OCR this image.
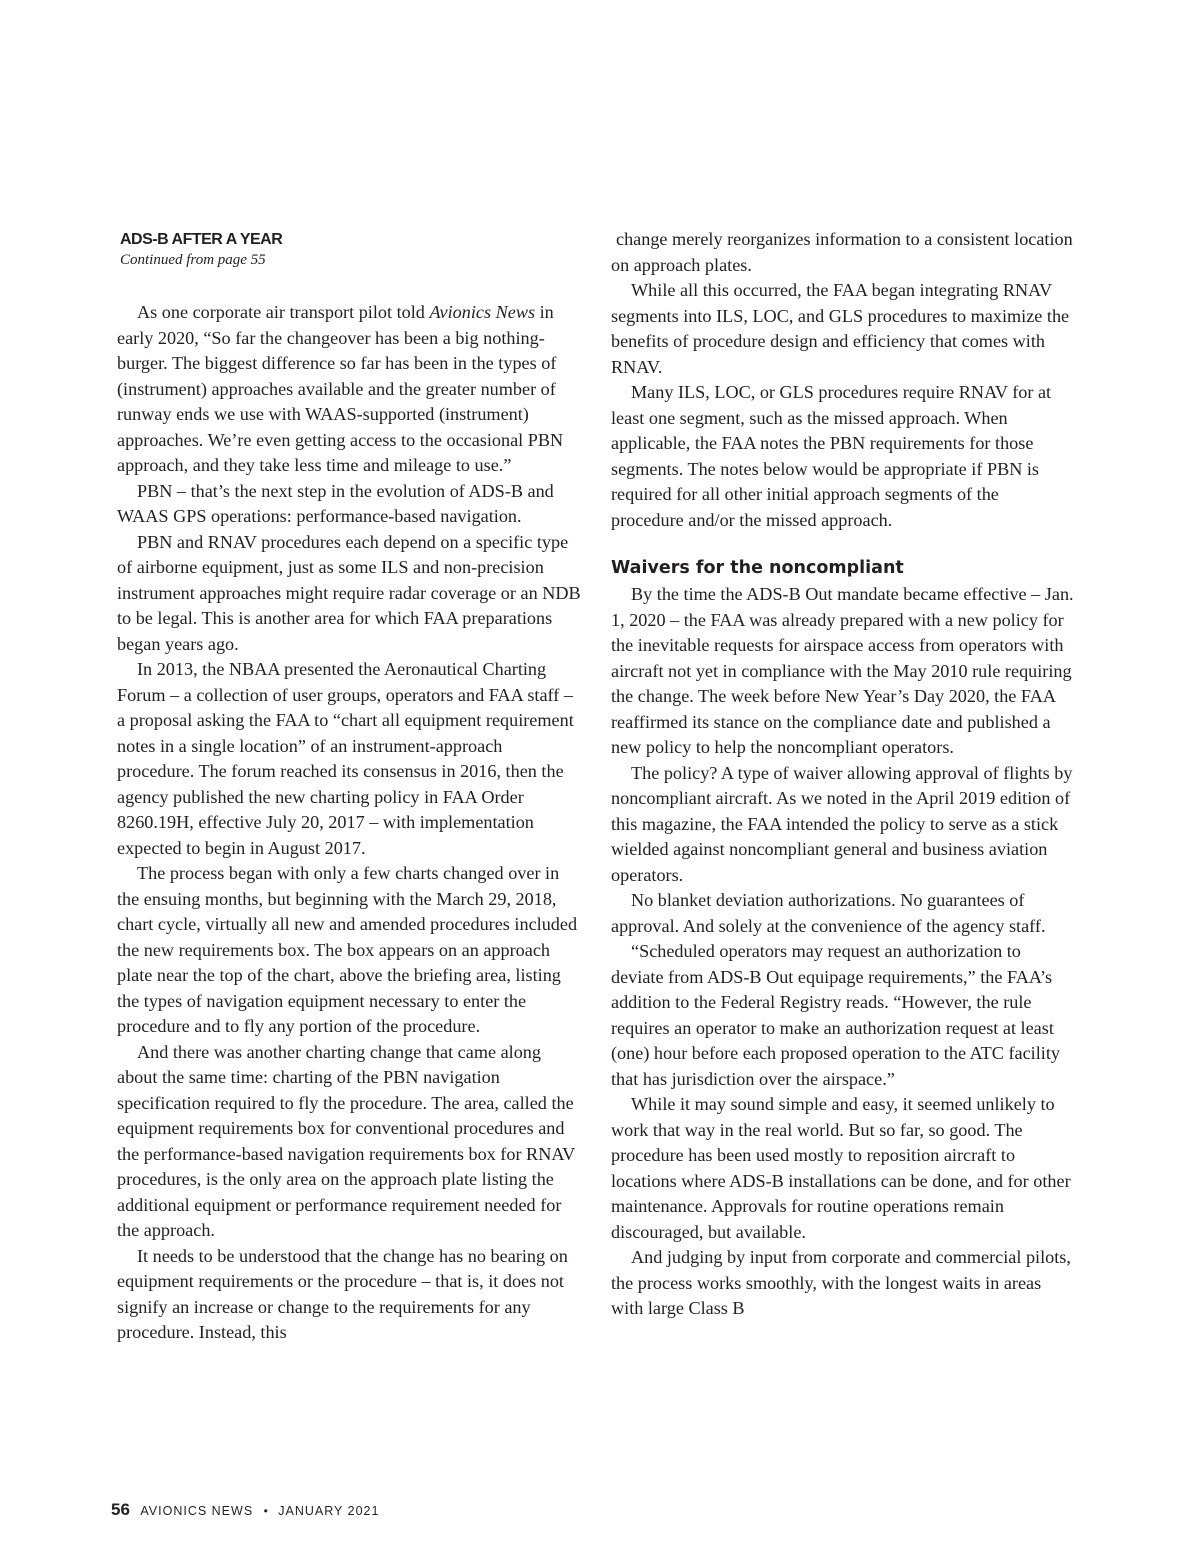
ADS-B AFTER A YEAR
Continued from page 55

As one corporate air transport pilot told Avionics News in early 2020, “So far the changeover has been a big nothing-burger. The biggest difference so far has been in the types of (instrument) approaches available and the greater number of runway ends we use with WAAS-supported (instrument) approaches. We’re even getting access to the occasional PBN approach, and they take less time and mileage to use.”

PBN – that’s the next step in the evolution of ADS-B and WAAS GPS operations: performance-based navigation.

PBN and RNAV procedures each depend on a specific type of airborne equipment, just as some ILS and non-precision instrument approaches might require radar coverage or an NDB to be legal. This is another area for which FAA preparations began years ago.

In 2013, the NBAA presented the Aeronautical Charting Forum – a collection of user groups, operators and FAA staff – a proposal asking the FAA to “chart all equipment requirement notes in a single location” of an instrument-approach procedure. The forum reached its consensus in 2016, then the agency published the new charting policy in FAA Order 8260.19H, effective July 20, 2017 – with implementation expected to begin in August 2017.

The process began with only a few charts changed over in the ensuing months, but beginning with the March 29, 2018, chart cycle, virtually all new and amended procedures included the new requirements box. The box appears on an approach plate near the top of the chart, above the briefing area, listing the types of navigation equipment necessary to enter the procedure and to fly any portion of the procedure.

And there was another charting change that came along about the same time: charting of the PBN navigation specification required to fly the procedure. The area, called the equipment requirements box for conventional procedures and the performance-based navigation requirements box for RNAV procedures, is the only area on the approach plate listing the additional equipment or performance requirement needed for the approach.

It needs to be understood that the change has no bearing on equipment requirements or the procedure – that is, it does not signify an increase or change to the requirements for any procedure. Instead, this

change merely reorganizes information to a consistent location on approach plates.

While all this occurred, the FAA began integrating RNAV segments into ILS, LOC, and GLS procedures to maximize the benefits of procedure design and efficiency that comes with RNAV.

Many ILS, LOC, or GLS procedures require RNAV for at least one segment, such as the missed approach. When applicable, the FAA notes the PBN requirements for those segments. The notes below would be appropriate if PBN is required for all other initial approach segments of the procedure and/or the missed approach.

Waivers for the noncompliant

By the time the ADS-B Out mandate became effective – Jan. 1, 2020 – the FAA was already prepared with a new policy for the inevitable requests for airspace access from operators with aircraft not yet in compliance with the May 2010 rule requiring the change. The week before New Year’s Day 2020, the FAA reaffirmed its stance on the compliance date and published a new policy to help the noncompliant operators.

The policy? A type of waiver allowing approval of flights by noncompliant aircraft. As we noted in the April 2019 edition of this magazine, the FAA intended the policy to serve as a stick wielded against noncompliant general and business aviation operators.

No blanket deviation authorizations. No guarantees of approval. And solely at the convenience of the agency staff.

“Scheduled operators may request an authorization to deviate from ADS-B Out equipage requirements,” the FAA’s addition to the Federal Registry reads. “However, the rule requires an operator to make an authorization request at least (one) hour before each proposed operation to the ATC facility that has jurisdiction over the airspace.”

While it may sound simple and easy, it seemed unlikely to work that way in the real world. But so far, so good. The procedure has been used mostly to reposition aircraft to locations where ADS-B installations can be done, and for other maintenance. Approvals for routine operations remain discouraged, but available.

And judging by input from corporate and commercial pilots, the process works smoothly, with the longest waits in areas with large Class B

56 AVIONICS NEWS • JANUARY 2021
